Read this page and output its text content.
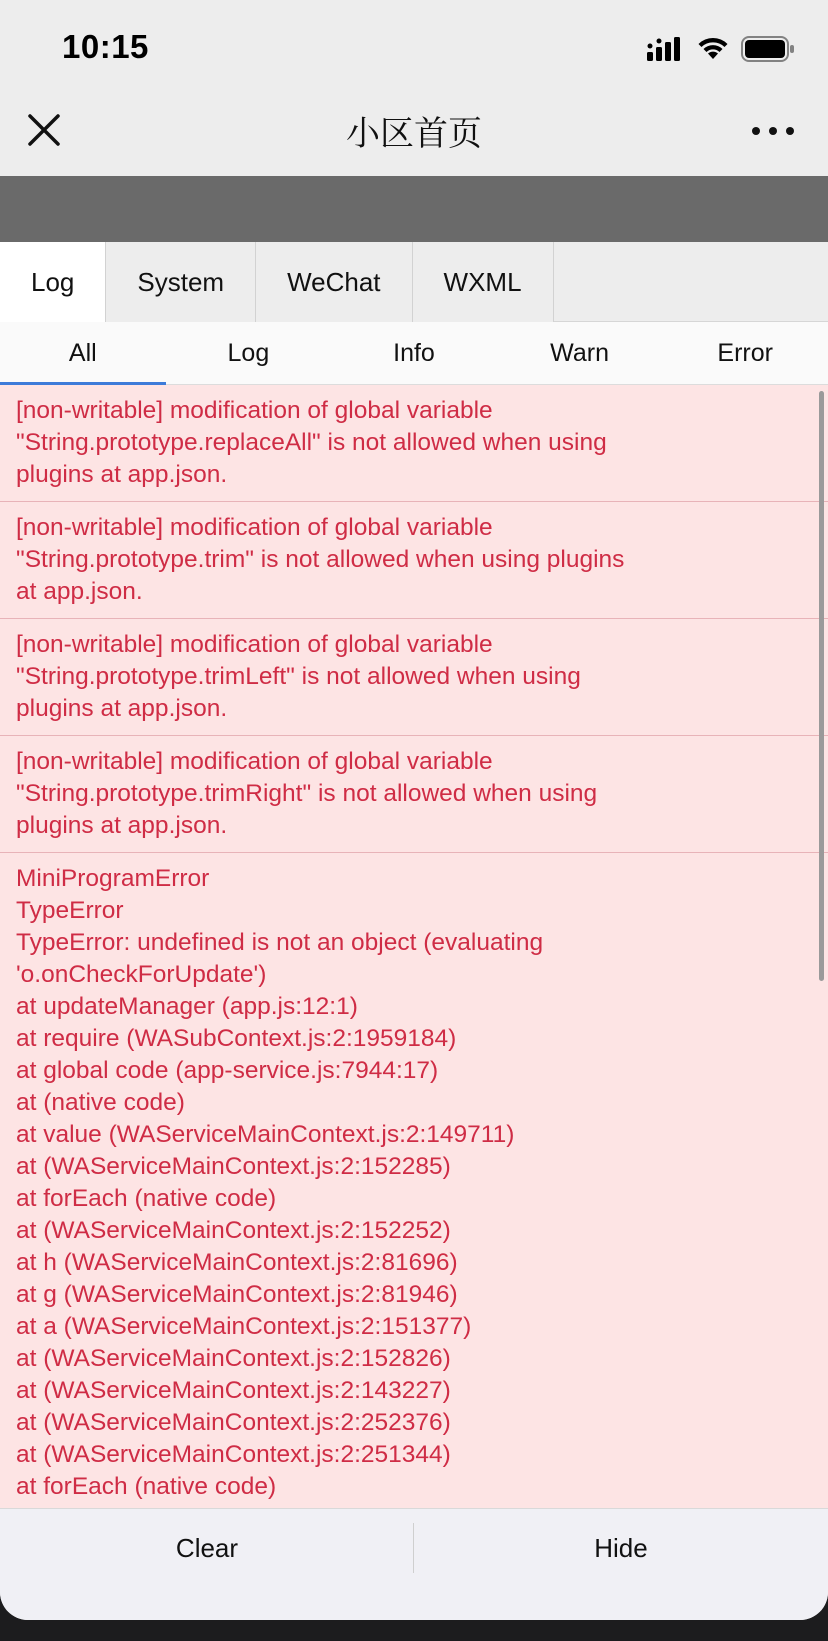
10:15
小区首页
Log	System	WeChat	WXML
All	Log	Info	Warn	Error
[non-writable] modification of global variable
"String.prototype.replaceAll" is not allowed when using
plugins at app.json.
[non-writable] modification of global variable
"String.prototype.trim" is not allowed when using plugins
at app.json.
[non-writable] modification of global variable
"String.prototype.trimLeft" is not allowed when using
plugins at app.json.
[non-writable] modification of global variable
"String.prototype.trimRight" is not allowed when using
plugins at app.json.
MiniProgramError
TypeError
TypeError: undefined is not an object (evaluating
'o.onCheckForUpdate')
at updateManager (app.js:12:1)
at require (WASubContext.js:2:1959184)
at global code (app-service.js:7944:17)
at (native code)
at value (WAServiceMainContext.js:2:149711)
at (WAServiceMainContext.js:2:152285)
at forEach (native code)
at (WAServiceMainContext.js:2:152252)
at h (WAServiceMainContext.js:2:81696)
at g (WAServiceMainContext.js:2:81946)
at a (WAServiceMainContext.js:2:151377)
at (WAServiceMainContext.js:2:152826)
at (WAServiceMainContext.js:2:143227)
at (WAServiceMainContext.js:2:252376)
at (WAServiceMainContext.js:2:251344)
at forEach (native code)
Clear	Hide
